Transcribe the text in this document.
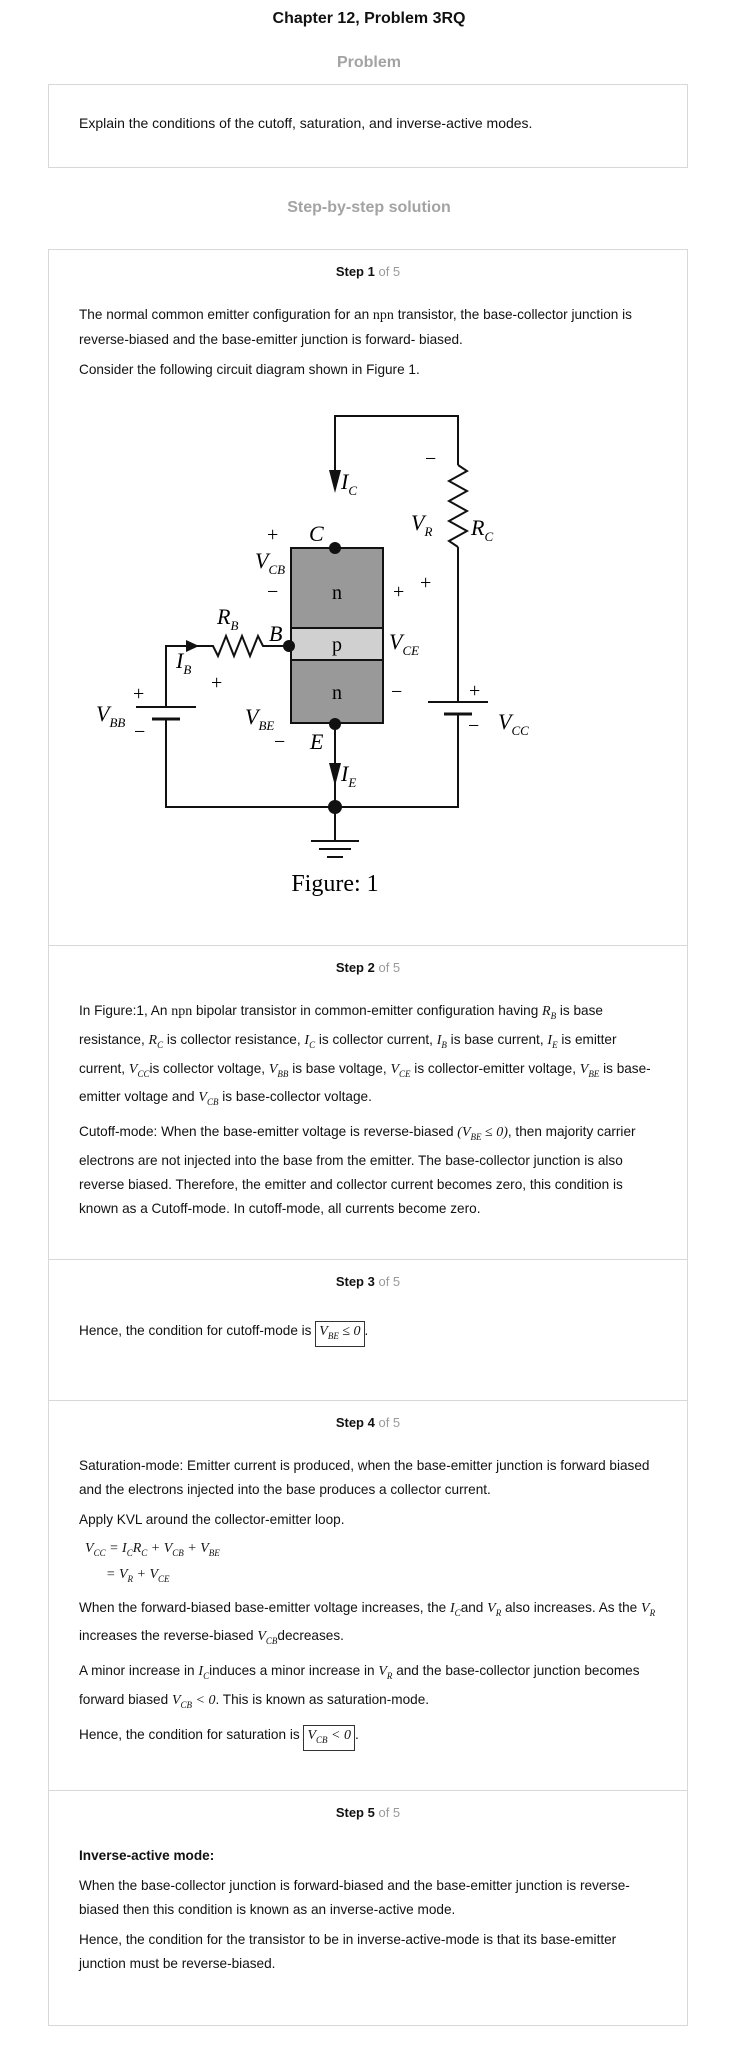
Chapter 12, Problem 3RQ
Problem
Explain the conditions of the cutoff, saturation, and inverse-active modes.
Step-by-step solution
Step 1 of 5

The normal common emitter configuration for an npn transistor, the base-collector junction is reverse-biased and the base-emitter junction is forward- biased.

Consider the following circuit diagram shown in Figure 1.

n
p
n
C
B
E
$I_C$
$I_E$
$I_B$
$R_B$
$R_C$
$V_R$
$V_{CB}$
$V_{CE}$
$V_{BE}$
$V_{BB}$	$V_{CC}$
+
−	+
−
−
+
+
−
+
−
+
−
Figure: 1
Step 2 of 5

In Figure:1, An npn bipolar transistor in common-emitter configuration having $R_B$ is base resistance, $R_C$ is collector resistance, $I_C$ is collector current, $I_B$ is base current, $I_E$ is emitter current, $V_{CC}is$ collector voltage, $V_{BB}$ is base voltage, $V_{CE}$ is collector-emitter voltage, $V_{BE}$ is base-emitter voltage and $V_{CB}$ is base-collector voltage.

Cutoff-mode: When the base-emitter voltage is reverse-biased $(V_{BE} \le 0)$, then majority carrier electrons are not injected into the base from the emitter. The base-collector junction is also reverse biased. Therefore, the emitter and collector current becomes zero, this condition is known as a Cutoff-mode. In cutoff-mode, all currents become zero.

Step 3 of 5

Hence, the condition for cutoff-mode is $V_{BE} \le 0$ .

Step 4 of 5

Saturation-mode: Emitter current is produced, when the base-emitter junction is forward biased and the electrons injected into the base produces a collector current.

Apply KVL around the collector-emitter loop.

$V_{CC} = I_CR_C + V_{CB} + V_{BE}$
= $V_R + V_{CE}$

When the forward-biased base-emitter voltage increases, the $I_Cand$ $V_R$ also increases. As the $V_R$ increases the reverse-biased $V_{CB}decreases$.

A minor increase in $I_Cinduces$ a minor increase in $V_R$ and the base-collector junction becomes forward biased $V_{CB} < 0$. This is known as saturation-mode.

Hence, the condition for saturation is $V_{CB} < 0$ .

Step 5 of 5

Inverse-active mode:

When the base-collector junction is forward-biased and the base-emitter junction is reverse-biased then this condition is known as an inverse-active mode.

Hence, the condition for the transistor to be in inverse-active-mode is that its base-emitter junction must be reverse-biased.
